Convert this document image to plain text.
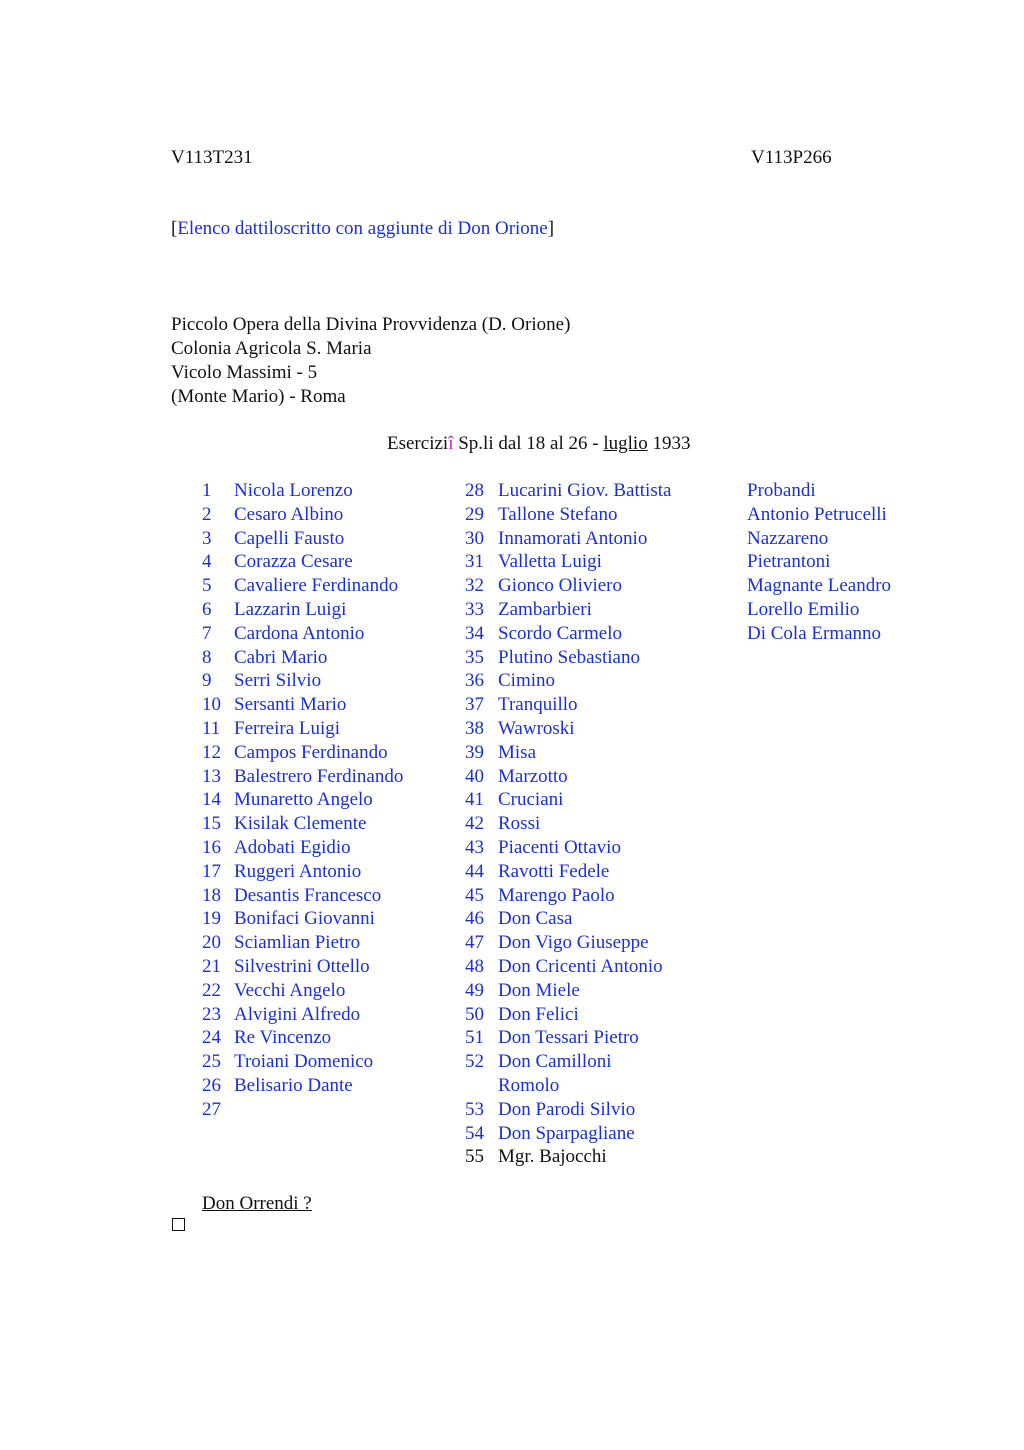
V113T231	V113P266
[Elenco dattiloscritto con aggiunte di Don Orione]
Piccolo Opera della Divina Provvidenza (D. Orione)
Colonia Agricola S. Maria
Vicolo Massimi - 5
(Monte Mario) - Roma
Eserciziî Sp.li dal 18 al 26 - luglio 1933
1 Nicola Lorenzo
2 Cesaro Albino
3 Capelli Fausto
4 Corazza Cesare
5 Cavaliere Ferdinando
6 Lazzarin Luigi
7 Cardona Antonio
8 Cabri Mario
9 Serri Silvio
10 Sersanti Mario
11 Ferreira Luigi
12 Campos Ferdinando
13 Balestrero Ferdinando
14 Munaretto Angelo
15 Kisilak Clemente
16 Adobati Egidio
17 Ruggeri Antonio
18 Desantis Francesco
19 Bonifaci Giovanni
20 Sciamlian Pietro
21 Silvestrini Ottello
22 Vecchi Angelo
23 Alvigini Alfredo
24 Re Vincenzo
25 Troiani Domenico
26 Belisario Dante
27
28 Lucarini Giov. Battista
29 Tallone Stefano
30 Innamorati Antonio
31 Valletta Luigi
32 Gionco Oliviero
33 Zambarbieri
34 Scordo Carmelo
35 Plutino Sebastiano
36 Cimino
37 Tranquillo
38 Wawroski
39 Misa
40 Marzotto
41 Cruciani
42 Rossi
43 Piacenti Ottavio
44 Ravotti Fedele
45 Marengo Paolo
46 Don Casa
47 Don Vigo Giuseppe
48 Don Cricenti Antonio
49 Don Miele
50 Don Felici
51 Don Tessari Pietro
52 Don Camilloni
Romolo
53 Don Parodi Silvio
54 Don Sparpagliane
55 Mgr. Bajocchi
Probandi
Antonio Petrucelli
Nazzareno
Pietrantoni
Magnante Leandro
Lorello Emilio
Di Cola Ermanno
Don Orrendi ?
